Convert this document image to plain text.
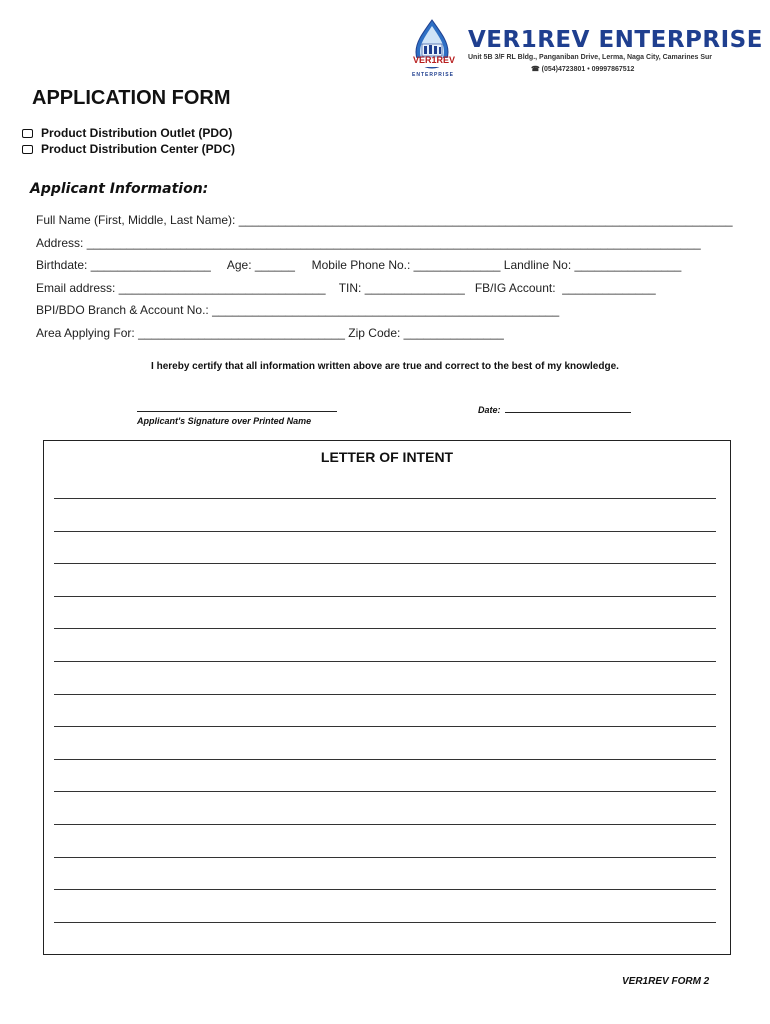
VER1REV
ENTERPRISE
VER1REV ENTERPRISE
Unit 5B 3/F RL Bldg., Panganiban Drive, Lerma, Naga City, Camarines Sur
☎ (054)4723801 • 09997867512
APPLICATION FORM
Product Distribution Outlet (PDO)
Product Distribution Center (PDC)
Applicant Information:
Full Name (First, Middle, Last Name): __________________________________________________________________________
Address: ____________________________________________________________________________________________
Birthdate: __________________ Age: ______ Mobile Phone No.: _____________ Landline No: ________________
Email address: _______________________________ TIN: _______________ FB/IG Account:  ______________
BPI/BDO Branch & Account No.: ____________________________________________________
Area Applying For: _______________________________ Zip Code: _______________
I hereby certify that all information written above are true and correct to the best of my knowledge.
Applicant's Signature over Printed Name
Date:
LETTER OF INTENT
VER1REV FORM 2
